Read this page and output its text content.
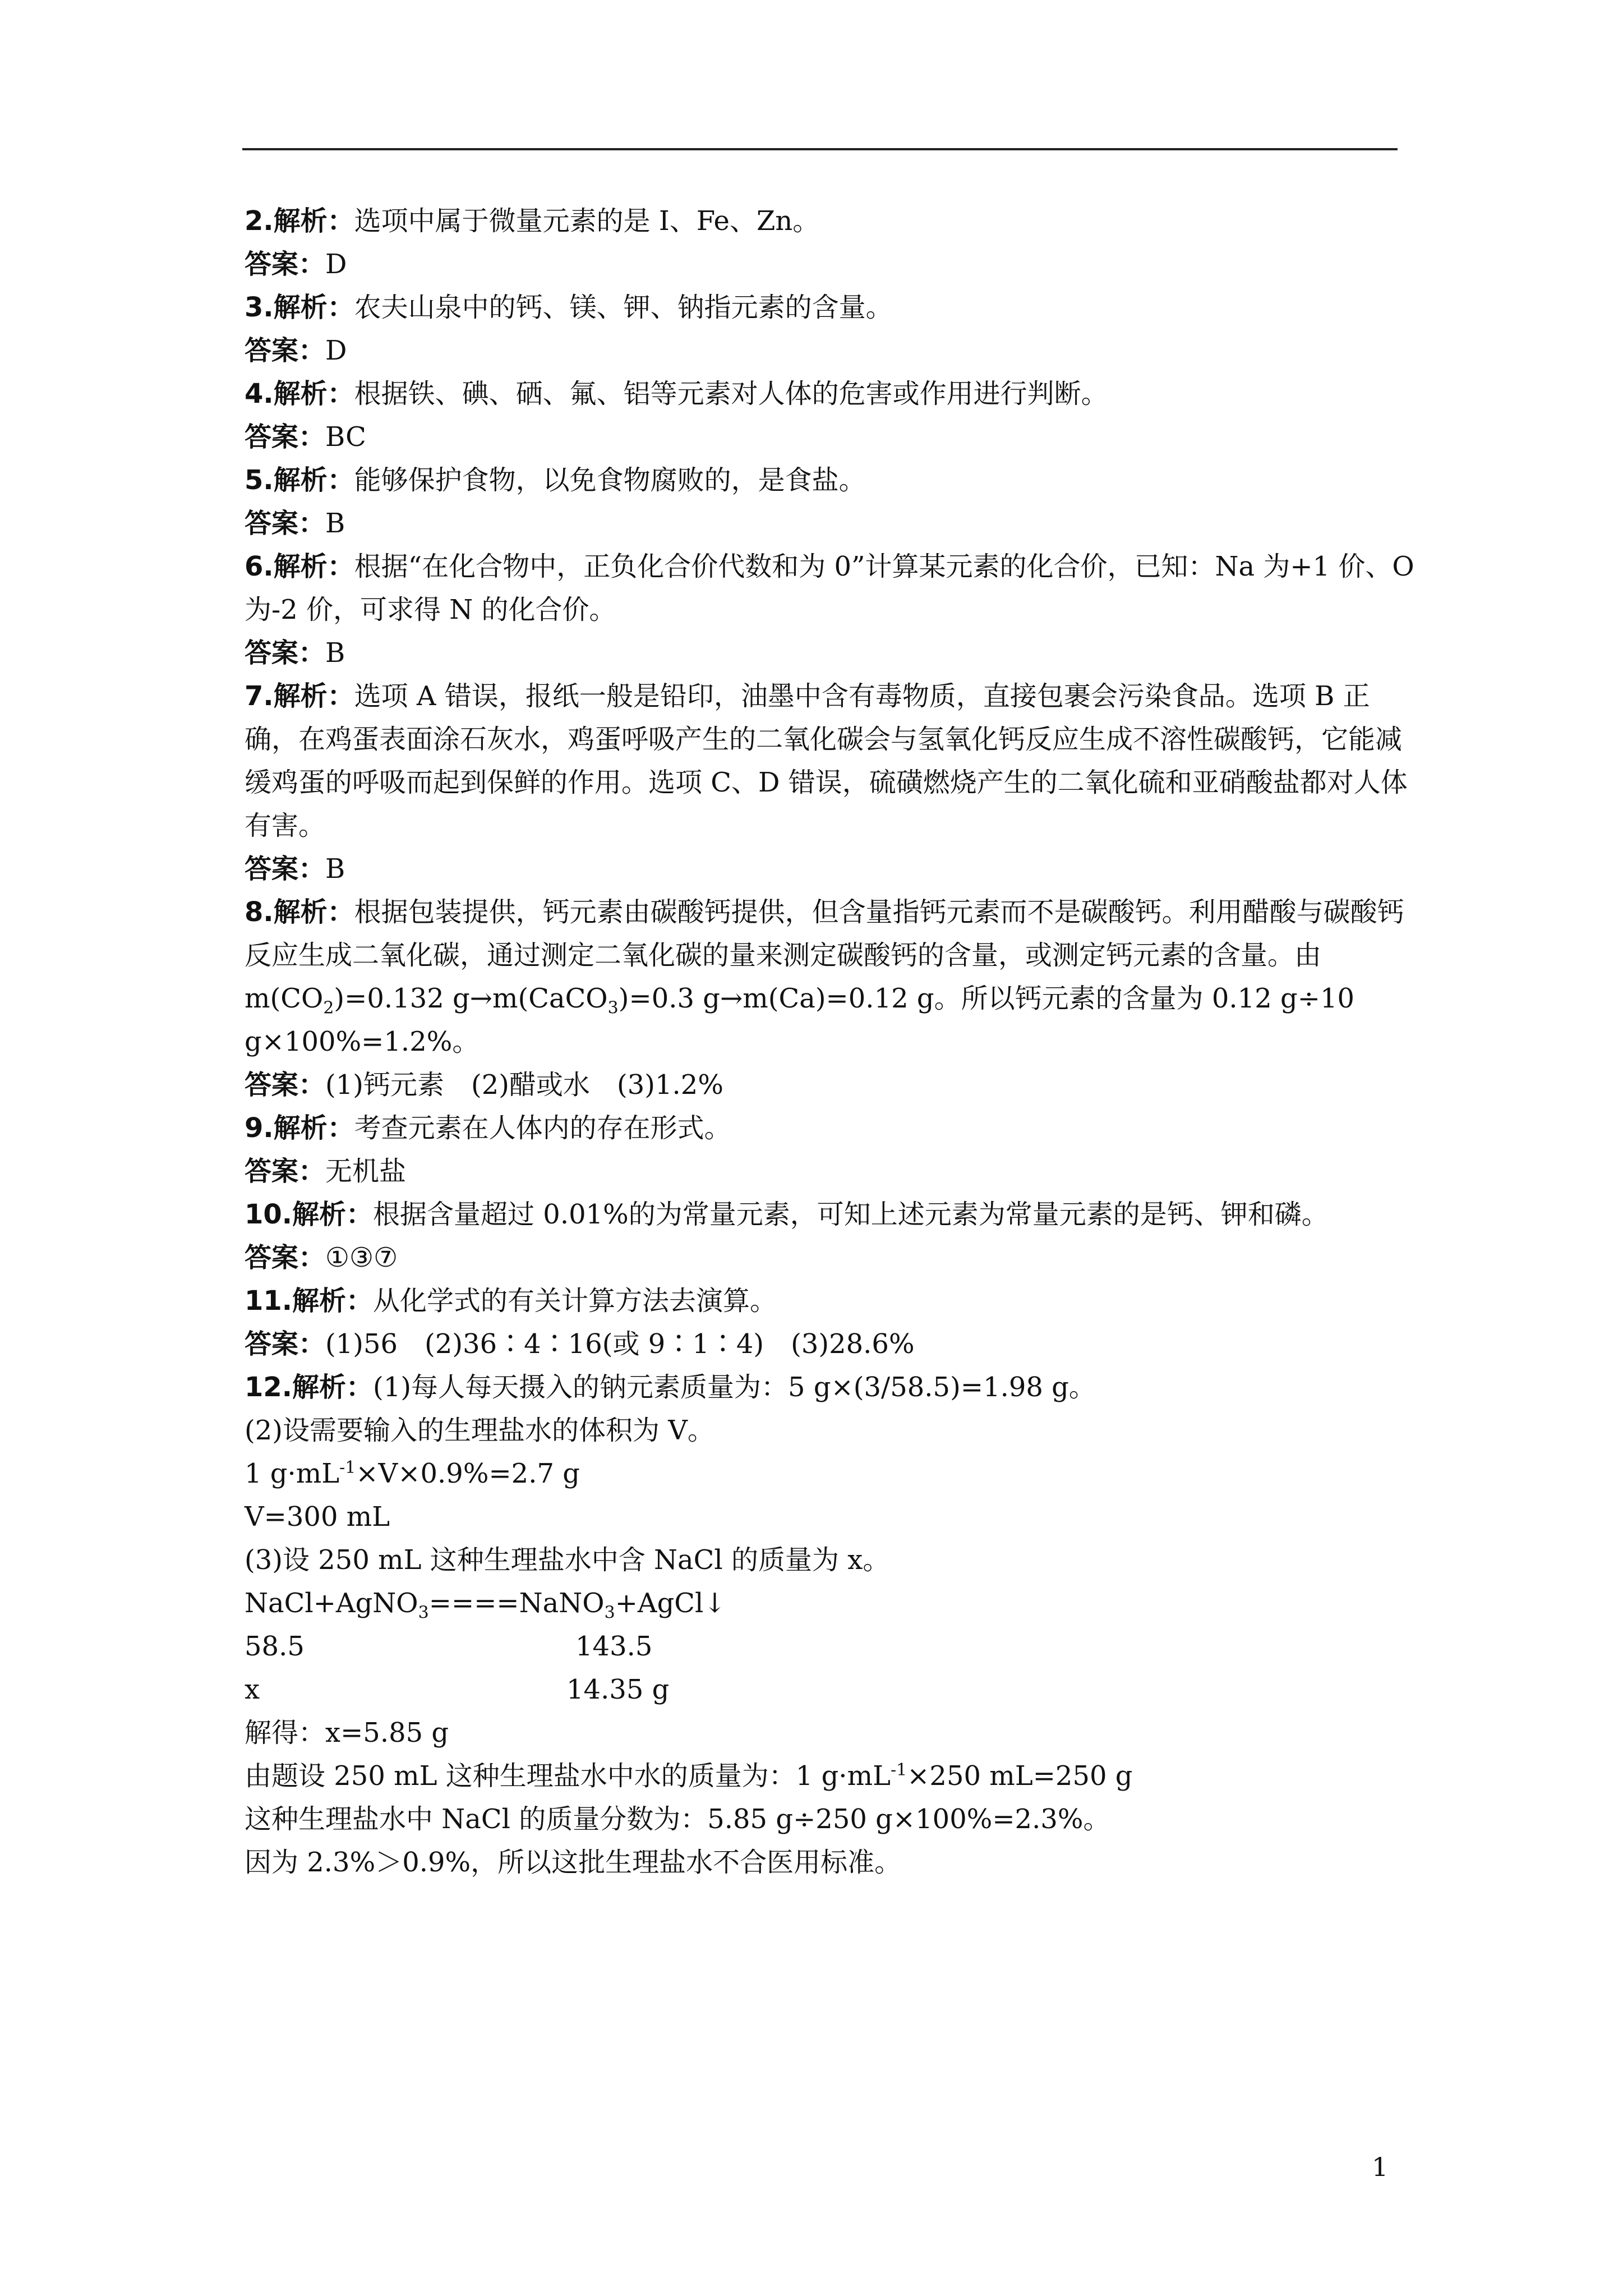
2.解析：选项中属于微量元素的是 I、Fe、Zn。
答案：D
3.解析：农夫山泉中的钙、镁、钾、钠指元素的含量。
答案：D
4.解析：根据铁、碘、硒、氟、铝等元素对人体的危害或作用进行判断。
答案：BC
5.解析：能够保护食物，以免食物腐败的，是食盐。
答案：B
6.解析：根据“在化合物中，正负化合价代数和为 0”计算某元素的化合价，已知：Na 为+1 价、O 为-2 价，可求得 N 的化合价。
答案：B
7.解析：选项 A 错误，报纸一般是铅印，油墨中含有毒物质，直接包裹会污染食品。选项 B 正确，在鸡蛋表面涂石灰水，鸡蛋呼吸产生的二氧化碳会与氢氧化钙反应生成不溶性碳酸钙，它能减缓鸡蛋的呼吸而起到保鲜的作用。选项 C、D 错误，硫磺燃烧产生的二氧化硫和亚硝酸盐都对人体有害。
答案：B
8.解析：根据包装提供，钙元素由碳酸钙提供，但含量指钙元素而不是碳酸钙。利用醋酸与碳酸钙反应生成二氧化碳，通过测定二氧化碳的量来测定碳酸钙的含量，或测定钙元素的含量。由 $m(CO_2)=0.132$ g→m(CaCO$_3$)=0.3 g→m(Ca)=0.12 g。所以钙元素的含量为 0.12 g÷10 g×100%=1.2%。
答案：(1)钙元素　(2)醋或水　(3)1.2%
9.解析：考查元素在人体内的存在形式。
答案：无机盐
10.解析：根据含量超过 0.01%的为常量元素，可知上述元素为常量元素的是钙、钾和磷。
答案：①③⑦
11.解析：从化学式的有关计算方法去演算。
答案：(1)56　(2)36∶4∶16(或 9∶1∶4)　(3)28.6%
12.解析：(1)每人每天摄入的钠元素质量为：5 g×(3/58.5)=1.98 g。
(2)设需要输入的生理盐水的体积为 V。
1 $g\cdot mL^{-1}\times V\times 0.9\%=2.7$ g
V=300 mL
(3)设 250 mL 这种生理盐水中含 NaCl 的质量为 x。
NaCl+AgNO$_3$====NaNO$_3$+AgCl↓
58.5	143.5
x	14.35 g
解得：x=5.85 g
由题设 250 mL 这种生理盐水中水的质量为：1 $g\cdot mL^{-1}\times 250$ mL=250 g
这种生理盐水中 NaCl 的质量分数为：5.85 g÷250 g×100%=2.3%。
因为 2.3%＞0.9%，所以这批生理盐水不合医用标准。
1
